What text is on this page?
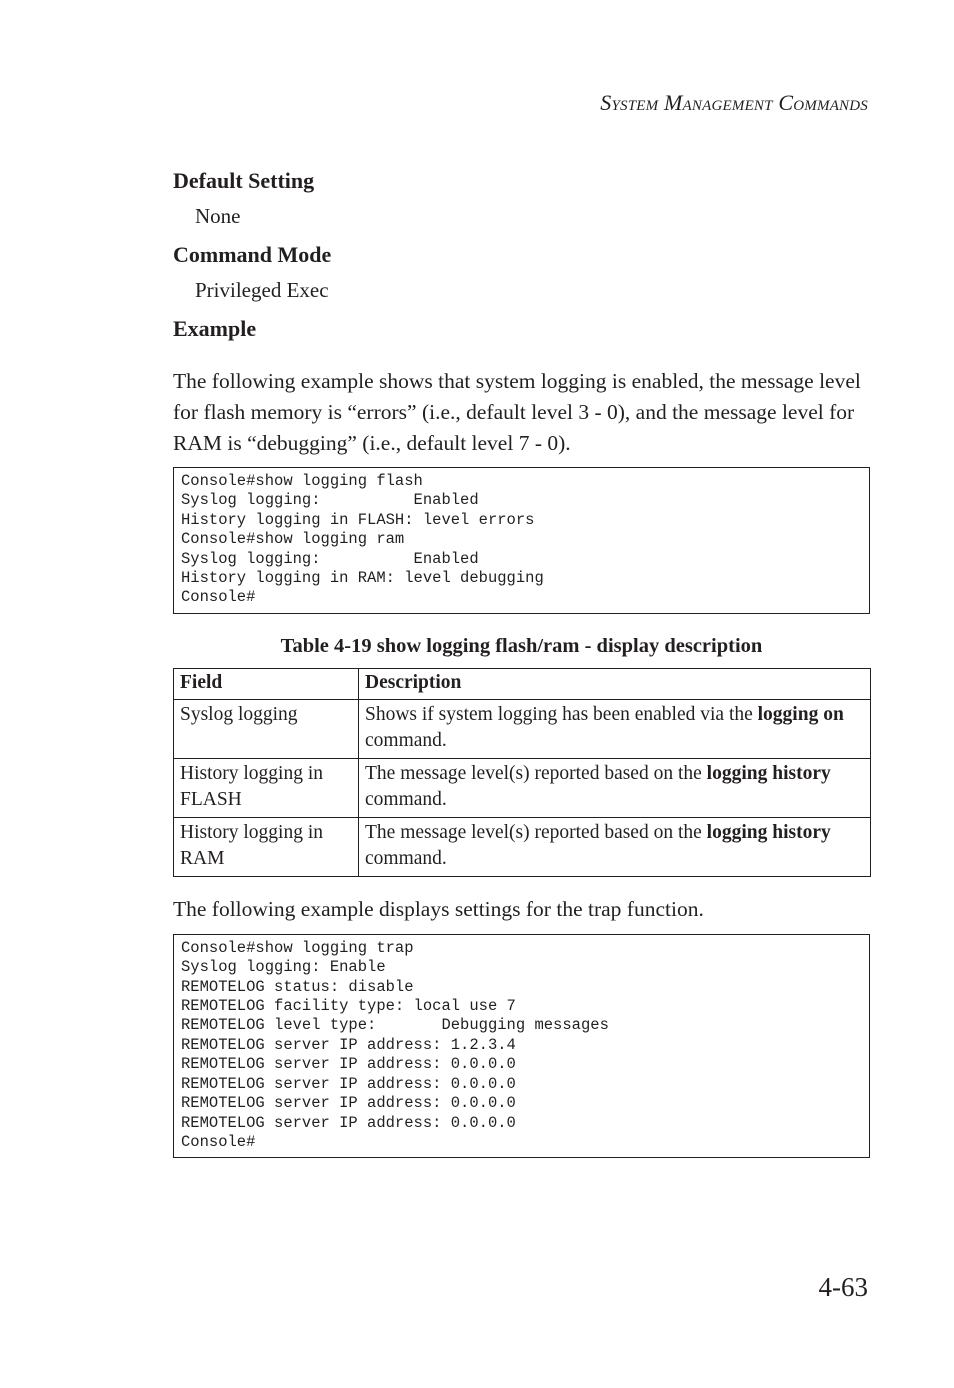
System Management Commands

Default Setting

None

Command Mode

Privileged Exec

Example

The following example shows that system logging is enabled, the message level for flash memory is “errors” (i.e., default level 3 - 0), and the message level for RAM is “debugging” (i.e., default level 7 - 0).

Console#show logging flash
Syslog logging:          Enabled
History logging in FLASH: level errors
Console#show logging ram
Syslog logging:          Enabled
History logging in RAM: level debugging
Console#

Table 4-19 show logging flash/ram - display description

Field	Description
Syslog logging	Shows if system logging has been enabled via the logging on command.
History logging in FLASH	The message level(s) reported based on the logging history command.
History logging in RAM	The message level(s) reported based on the logging history command.

The following example displays settings for the trap function.

Console#show logging trap
Syslog logging: Enable
REMOTELOG status: disable
REMOTELOG facility type: local use 7
REMOTELOG level type:       Debugging messages
REMOTELOG server IP address: 1.2.3.4
REMOTELOG server IP address: 0.0.0.0
REMOTELOG server IP address: 0.0.0.0
REMOTELOG server IP address: 0.0.0.0
REMOTELOG server IP address: 0.0.0.0
Console#
4-63
